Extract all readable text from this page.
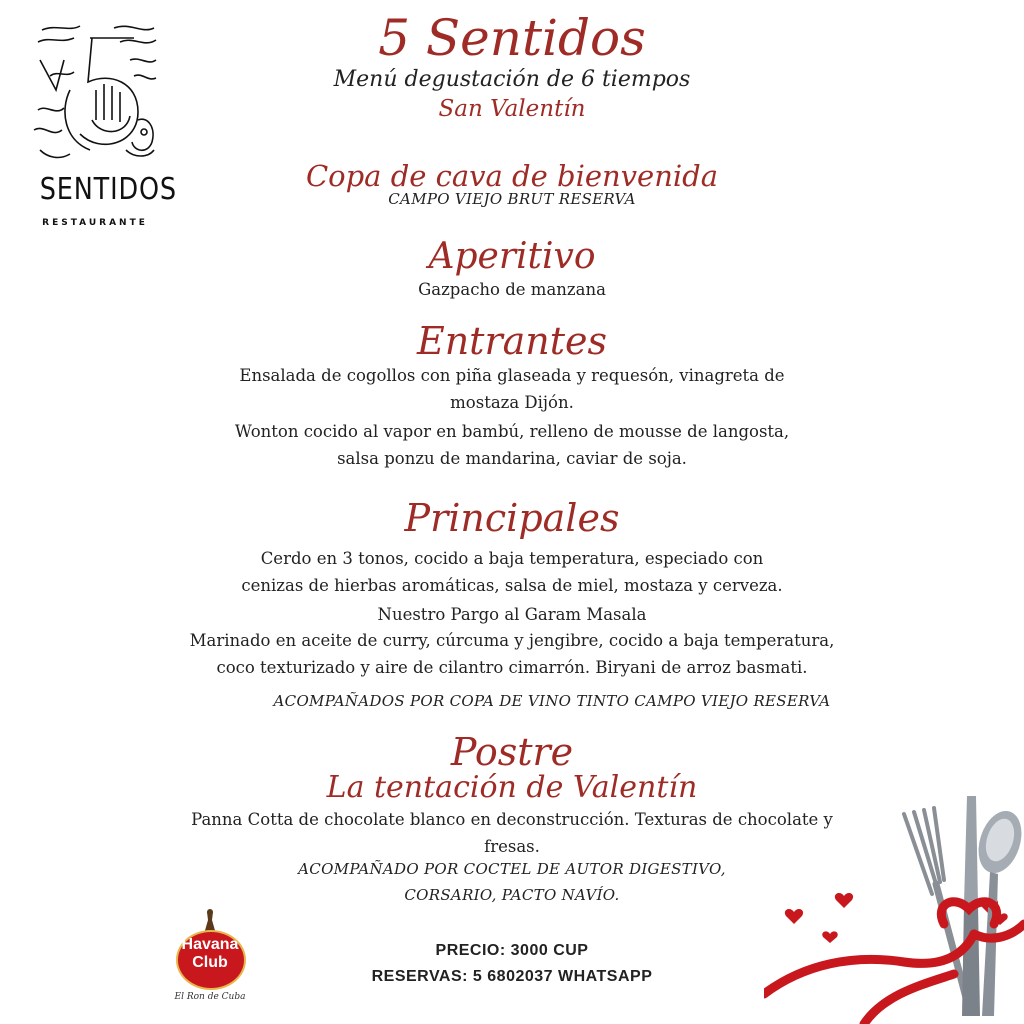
SENTIDOS
RESTAURANTE
5 Sentidos
Menú degustación de 6 tiempos
San Valentín
Copa de cava de bienvenida
CAMPO VIEJO BRUT RESERVA
Aperitivo
Gazpacho de manzana
Entrantes
Ensalada de cogollos con piña glaseada y requesón, vinagreta de
mostaza Dijón.
Wonton cocido al vapor en bambú, relleno de mousse de langosta,
salsa ponzu de mandarina, caviar de soja.
Principales
Cerdo en 3 tonos, cocido a baja temperatura, especiado con
cenizas de hierbas aromáticas, salsa de miel, mostaza y cerveza.
Nuestro Pargo al Garam Masala
Marinado en aceite de curry, cúrcuma y jengibre, cocido a baja temperatura,
coco texturizado y aire de cilantro cimarrón. Biryani de arroz basmati.
ACOMPAÑADOS POR COPA DE VINO TINTO CAMPO VIEJO RESERVA
Postre
La tentación de Valentín
Panna Cotta de chocolate blanco en deconstrucción. Texturas de chocolate y
fresas.
ACOMPAÑADO POR COCTEL DE AUTOR DIGESTIVO,
CORSARIO, PACTO NAVÍO.
PRECIO: 3000 CUP
RESERVAS: 5 6802037 WHATSAPP
Havana
Club
El Ron de Cuba
